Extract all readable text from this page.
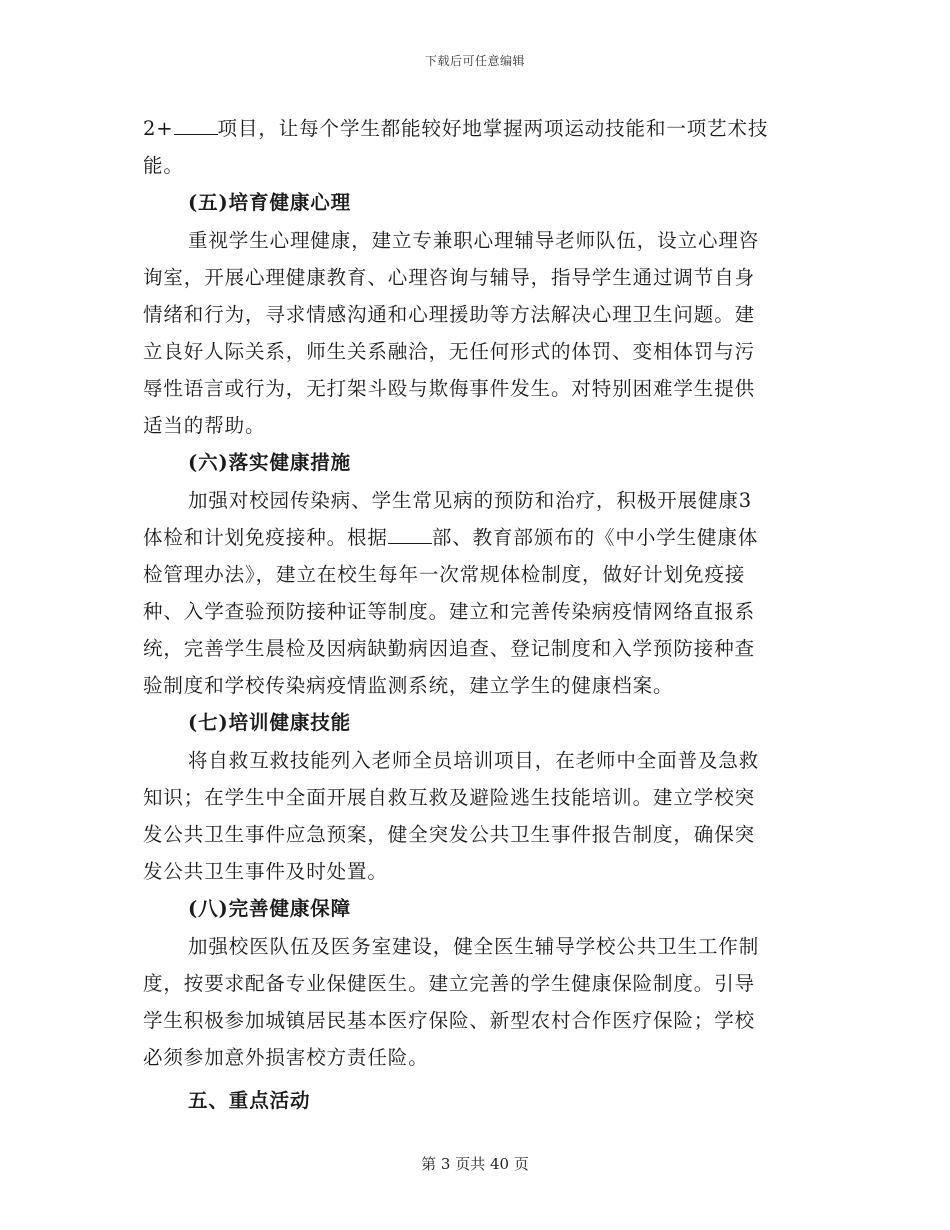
下载后可任意编辑
2+ 项目，让每个学生都能较好地掌握两项运动技能和一项艺术技
能。
(五)培育健康心理
重视学生心理健康，建立专兼职心理辅导老师队伍，设立心理咨
询室，开展心理健康教育、心理咨询与辅导，指导学生通过调节自身
情绪和行为，寻求情感沟通和心理援助等方法解决心理卫生问题。建
立良好人际关系，师生关系融洽，无任何形式的体罚、变相体罚与污
辱性语言或行为，无打架斗殴与欺侮事件发生。对特别困难学生提供
适当的帮助。
(六)落实健康措施
加强对校园传染病、学生常见病的预防和治疗，积极开展健康3
体检和计划免疫接种。根据 部、教育部颁布的《中小学生健康体
检管理办法》，建立在校生每年一次常规体检制度，做好计划免疫接
种、入学查验预防接种证等制度。建立和完善传染病疫情网络直报系
统，完善学生晨检及因病缺勤病因追查、登记制度和入学预防接种查
验制度和学校传染病疫情监测系统，建立学生的健康档案。
(七)培训健康技能
将自救互救技能列入老师全员培训项目，在老师中全面普及急救
知识；在学生中全面开展自救互救及避险逃生技能培训。建立学校突
发公共卫生事件应急预案，健全突发公共卫生事件报告制度，确保突
发公共卫生事件及时处置。
(八)完善健康保障
加强校医队伍及医务室建设，健全医生辅导学校公共卫生工作制
度，按要求配备专业保健医生。建立完善的学生健康保险制度。引导
学生积极参加城镇居民基本医疗保险、新型农村合作医疗保险；学校
必须参加意外损害校方责任险。
五、重点活动
第 3 页共 40 页
